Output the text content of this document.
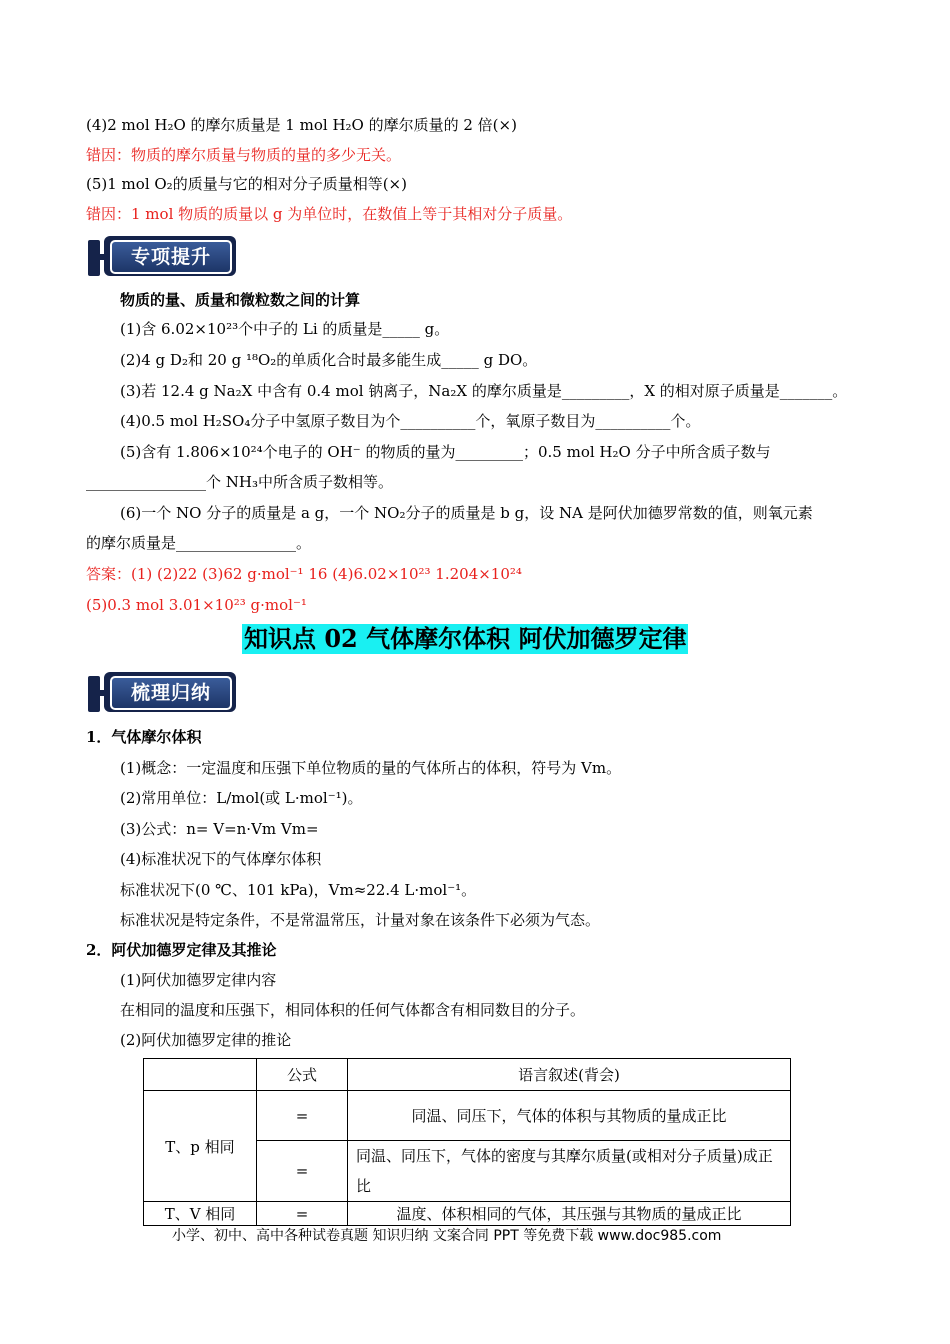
(4)2 mol H₂O 的摩尔质量是 1 mol H₂O 的摩尔质量的 2 倍(×)
错因：物质的摩尔质量与物质的量的多少无关。
(5)1 mol O₂的质量与它的相对分子质量相等(×)
错因：1 mol 物质的质量以 g 为单位时，在数值上等于其相对分子质量。
专项提升
物质的量、质量和微粒数之间的计算
(1)含 6.02×10²³个中子的 Li 的质量是_____ g。
(2)4 g D₂和 20 g ¹⁸O₂的单质化合时最多能生成_____ g DO。
(3)若 12.4 g Na₂X 中含有 0.4 mol 钠离子，Na₂X 的摩尔质量是_________，X 的相对原子质量是_______。
(4)0.5 mol H₂SO₄分子中氢原子数目为个__________个，氧原子数目为__________个。
(5)含有 1.806×10²⁴个电子的 OH⁻ 的物质的量为_________；0.5 mol H₂O 分子中所含质子数与
________________个 NH₃中所含质子数相等。
(6)一个 NO 分子的质量是 a g，一个 NO₂分子的质量是 b g，设 NA 是阿伏加德罗常数的值，则氧元素
的摩尔质量是________________。
答案：(1) (2)22 (3)62 g·mol⁻¹ 16 (4)6.02×10²³ 1.204×10²⁴
(5)0.3 mol 3.01×10²³ g·mol⁻¹
知识点 02 气体摩尔体积 阿伏加德罗定律
梳理归纳
1．气体摩尔体积
(1)概念：一定温度和压强下单位物质的量的气体所占的体积，符号为 Vm。
(2)常用单位：L/mol(或 L·mol⁻¹)。
(3)公式：n= V=n·Vm Vm=
(4)标准状况下的气体摩尔体积
标准状况下(0 ℃、101 kPa)，Vm≈22.4 L·mol⁻¹。
标准状况是特定条件，不是常温常压，计量对象在该条件下必须为气态。
2．阿伏加德罗定律及其推论
(1)阿伏加德罗定律内容
在相同的温度和压强下，相同体积的任何气体都含有相同数目的分子。
(2)阿伏加德罗定律的推论
	公式	语言叙述(背会)
T、p 相同	=	同温、同压下，气体的体积与其物质的量成正比
	=	同温、同压下，气体的密度与其摩尔质量(或相对分子质量)成正比
T、V 相同	=	温度、体积相同的气体，其压强与其物质的量成正比
小学、初中、高中各种试卷真题 知识归纳 文案合同 PPT 等免费下载 www.doc985.com
